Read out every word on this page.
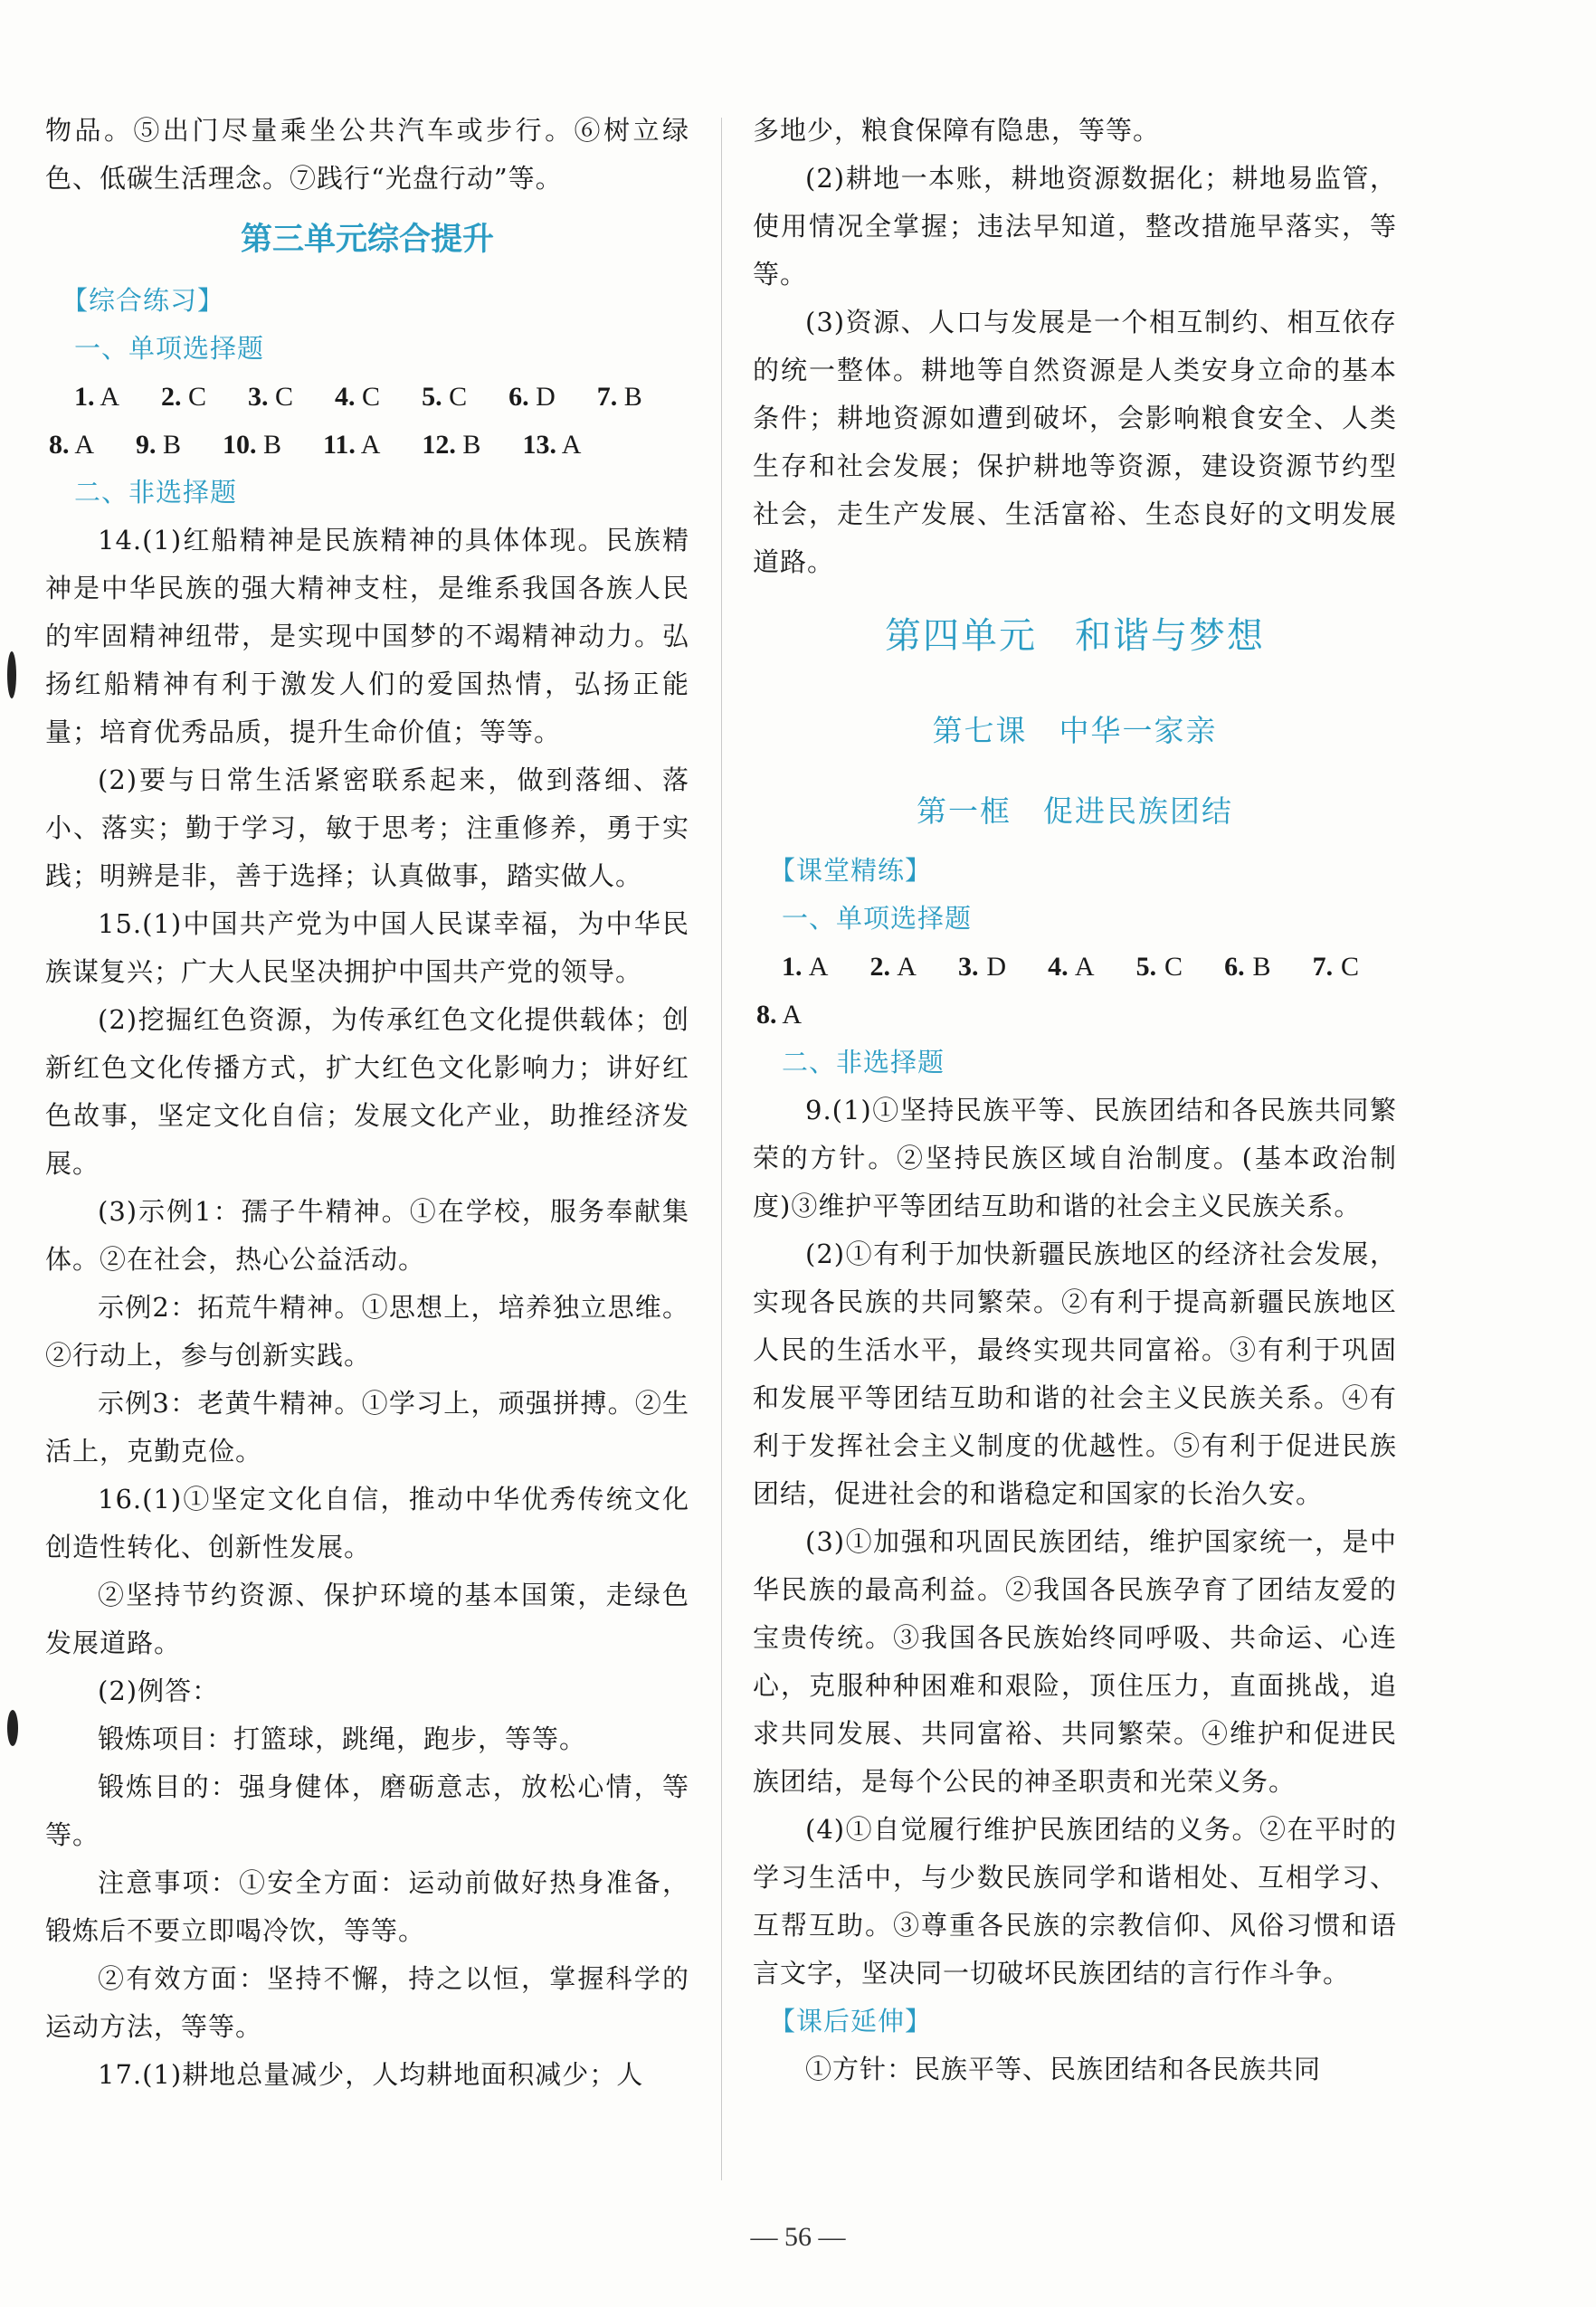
物品。⑤出门尽量乘坐公共汽车或步行。⑥树立绿色、低碳生活理念。⑦践行“光盘行动”等。

第三单元综合提升

【综合练习】

一、单项选择题

1. A 2. C 3. C 4. C 5. C 6. D 7. B

8. A 9. B 10. B 11. A 12. B 13. A

二、非选择题

14.(1)红船精神是民族精神的具体体现。民族精神是中华民族的强大精神支柱，是维系我国各族人民的牢固精神纽带，是实现中国梦的不竭精神动力。弘扬红船精神有利于激发人们的爱国热情，弘扬正能量；培育优秀品质，提升生命价值；等等。

(2)要与日常生活紧密联系起来，做到落细、落小、落实；勤于学习，敏于思考；注重修养，勇于实践；明辨是非，善于选择；认真做事，踏实做人。

15.(1)中国共产党为中国人民谋幸福，为中华民族谋复兴；广大人民坚决拥护中国共产党的领导。

(2)挖掘红色资源，为传承红色文化提供载体；创新红色文化传播方式，扩大红色文化影响力；讲好红色故事，坚定文化自信；发展文化产业，助推经济发展。

(3)示例1：孺子牛精神。①在学校，服务奉献集体。②在社会，热心公益活动。

示例2：拓荒牛精神。①思想上，培养独立思维。②行动上，参与创新实践。

示例3：老黄牛精神。①学习上，顽强拼搏。②生活上，克勤克俭。

16.(1)①坚定文化自信，推动中华优秀传统文化创造性转化、创新性发展。

②坚持节约资源、保护环境的基本国策，走绿色发展道路。

(2)例答：

锻炼项目：打篮球，跳绳，跑步，等等。

锻炼目的：强身健体，磨砺意志，放松心情，等等。

注意事项：①安全方面：运动前做好热身准备，锻炼后不要立即喝冷饮，等等。

②有效方面：坚持不懈，持之以恒，掌握科学的运动方法，等等。

17.(1)耕地总量减少，人均耕地面积减少；人

多地少，粮食保障有隐患，等等。

(2)耕地一本账，耕地资源数据化；耕地易监管，使用情况全掌握；违法早知道，整改措施早落实，等等。

(3)资源、人口与发展是一个相互制约、相互依存的统一整体。耕地等自然资源是人类安身立命的基本条件；耕地资源如遭到破坏，会影响粮食安全、人类生存和社会发展；保护耕地等资源，建设资源节约型社会，走生产发展、生活富裕、生态良好的文明发展道路。

第四单元　和谐与梦想
第七课　中华一家亲
第一框　促进民族团结

【课堂精练】

一、单项选择题

1. A 2. A 3. D 4. A 5. C 6. B 7. C8. A

二、非选择题

9.(1)①坚持民族平等、民族团结和各民族共同繁荣的方针。②坚持民族区域自治制度。(基本政治制度)③维护平等团结互助和谐的社会主义民族关系。

(2)①有利于加快新疆民族地区的经济社会发展，实现各民族的共同繁荣。②有利于提高新疆民族地区人民的生活水平，最终实现共同富裕。③有利于巩固和发展平等团结互助和谐的社会主义民族关系。④有利于发挥社会主义制度的优越性。⑤有利于促进民族团结，促进社会的和谐稳定和国家的长治久安。

(3)①加强和巩固民族团结，维护国家统一，是中华民族的最高利益。②我国各民族孕育了团结友爱的宝贵传统。③我国各民族始终同呼吸、共命运、心连心，克服种种困难和艰险，顶住压力，直面挑战，追求共同发展、共同富裕、共同繁荣。④维护和促进民族团结，是每个公民的神圣职责和光荣义务。

(4)①自觉履行维护民族团结的义务。②在平时的学习生活中，与少数民族同学和谐相处、互相学习、互帮互助。③尊重各民族的宗教信仰、风俗习惯和语言文字，坚决同一切破坏民族团结的言行作斗争。

【课后延伸】

①方针：民族平等、民族团结和各民族共同

— 56 —
